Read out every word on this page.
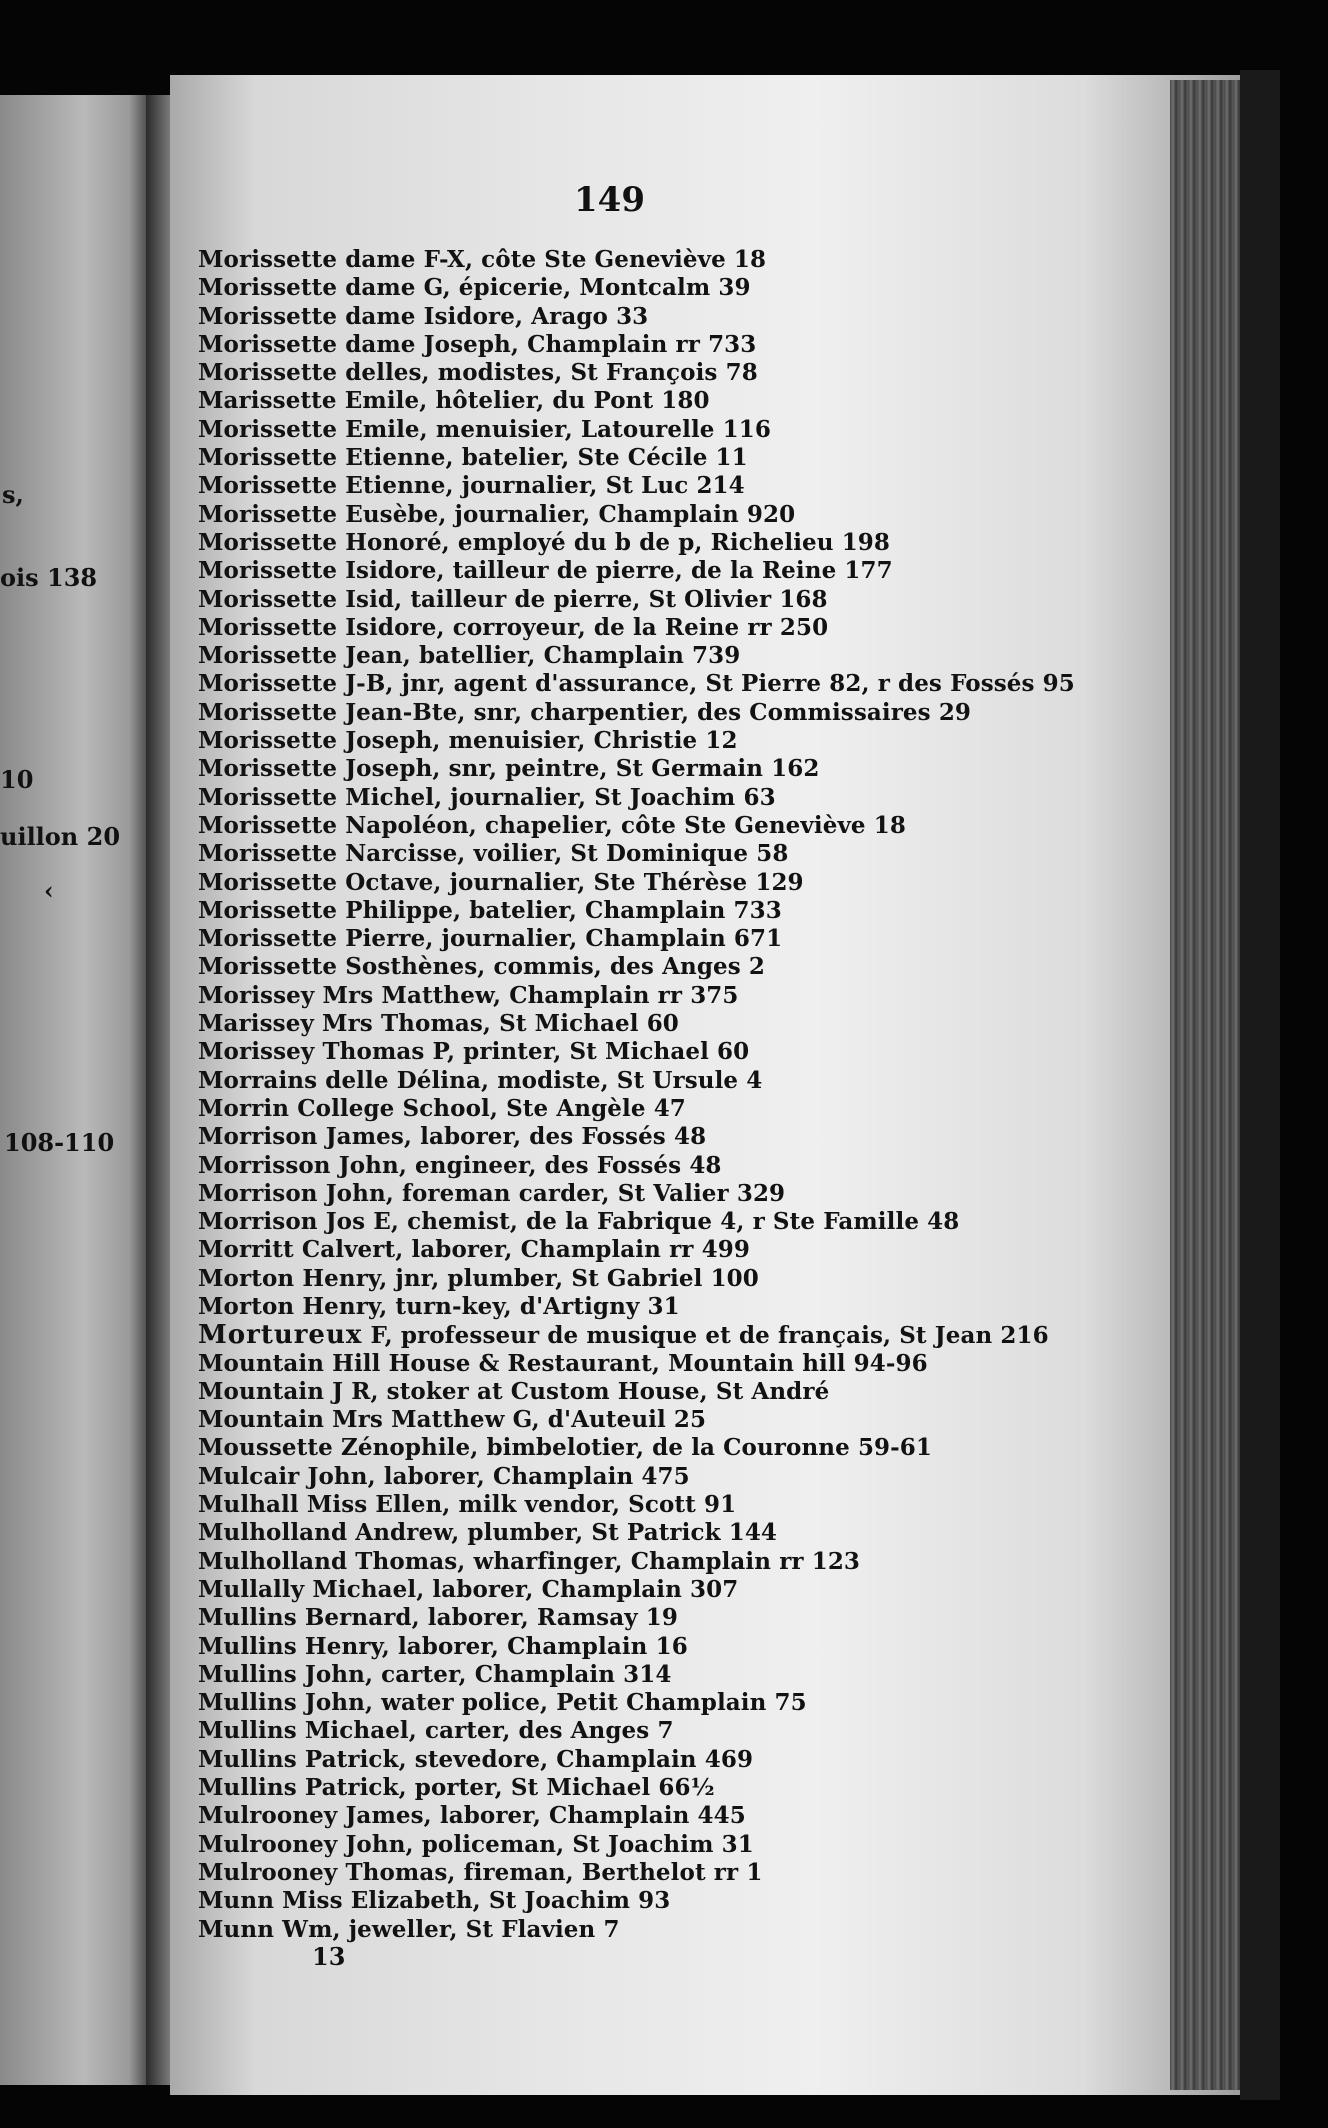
s,
ois 138
10
uillon 20
‹
108-110
149
Morissette dame F-X, côte Ste Geneviève 18
Morissette dame G, épicerie, Montcalm 39
Morissette dame Isidore, Arago 33
Morissette dame Joseph, Champlain rr 733
Morissette delles, modistes, St François 78
Marissette Emile, hôtelier, du Pont 180
Morissette Emile, menuisier, Latourelle 116
Morissette Etienne, batelier, Ste Cécile 11
Morissette Etienne, journalier, St Luc 214
Morissette Eusèbe, journalier, Champlain 920
Morissette Honoré, employé du b de p, Richelieu 198
Morissette Isidore, tailleur de pierre, de la Reine 177
Morissette Isid, tailleur de pierre, St Olivier 168
Morissette Isidore, corroyeur, de la Reine rr 250
Morissette Jean, batellier, Champlain 739
Morissette J-B, jnr, agent d'assurance, St Pierre 82, r des Fossés 95
Morissette Jean-Bte, snr, charpentier, des Commissaires 29
Morissette Joseph, menuisier, Christie 12
Morissette Joseph, snr, peintre, St Germain 162
Morissette Michel, journalier, St Joachim 63
Morissette Napoléon, chapelier, côte Ste Geneviève 18
Morissette Narcisse, voilier, St Dominique 58
Morissette Octave, journalier, Ste Thérèse 129
Morissette Philippe, batelier, Champlain 733
Morissette Pierre, journalier, Champlain 671
Morissette Sosthènes, commis, des Anges 2
Morissey Mrs Matthew, Champlain rr 375
Marissey Mrs Thomas, St Michael 60
Morissey Thomas P, printer, St Michael 60
Morrains delle Délina, modiste, St Ursule 4
Morrin College School, Ste Angèle 47
Morrison James, laborer, des Fossés 48
Morrisson John, engineer, des Fossés 48
Morrison John, foreman carder, St Valier 329
Morrison Jos E, chemist, de la Fabrique 4, r Ste Famille 48
Morritt Calvert, laborer, Champlain rr 499
Morton Henry, jnr, plumber, St Gabriel 100
Morton Henry, turn-key, d'Artigny 31
Mortureux F, professeur de musique et de français, St Jean 216
Mountain Hill House & Restaurant, Mountain hill 94-96
Mountain J R, stoker at Custom House, St André
Mountain Mrs Matthew G, d'Auteuil 25
Moussette Zénophile, bimbelotier, de la Couronne 59-61
Mulcair John, laborer, Champlain 475
Mulhall Miss Ellen, milk vendor, Scott 91
Mulholland Andrew, plumber, St Patrick 144
Mulholland Thomas, wharfinger, Champlain rr 123
Mullally Michael, laborer, Champlain 307
Mullins Bernard, laborer, Ramsay 19
Mullins Henry, laborer, Champlain 16
Mullins John, carter, Champlain 314
Mullins John, water police, Petit Champlain 75
Mullins Michael, carter, des Anges 7
Mullins Patrick, stevedore, Champlain 469
Mullins Patrick, porter, St Michael 66½
Mulrooney James, laborer, Champlain 445
Mulrooney John, policeman, St Joachim 31
Mulrooney Thomas, fireman, Berthelot rr 1
Munn Miss Elizabeth, St Joachim 93
Munn Wm, jeweller, St Flavien 7
13
